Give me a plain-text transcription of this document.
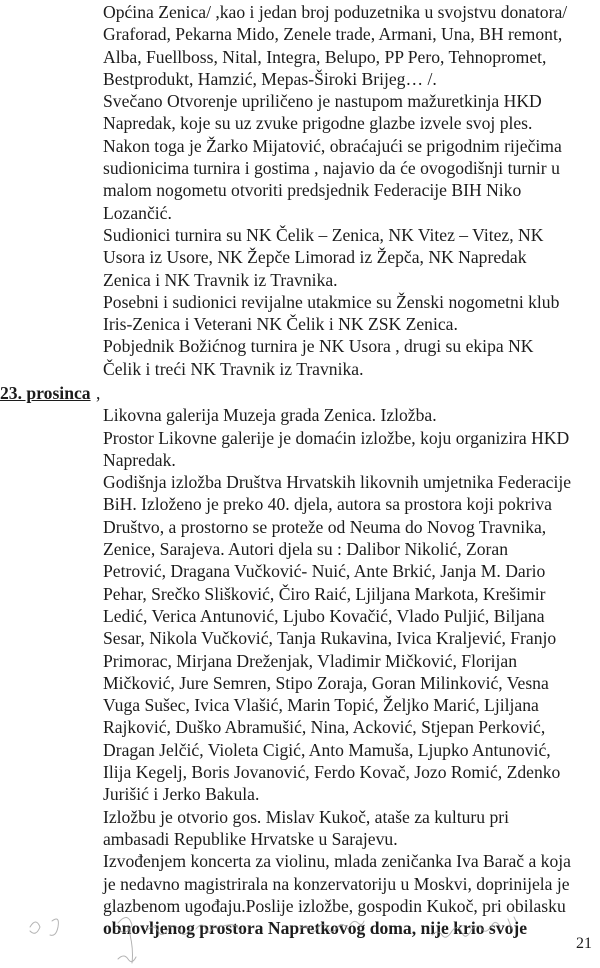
Općina Zenica/ ,kao i jedan broj poduzetnika u svojstvu donatora/
Graforad, Pekarna Mido, Zenele trade, Armani, Una, BH remont,
Alba, Fuellboss, Nital, Integra, Belupo, PP Pero, Tehnopromet,
Bestprodukt, Hamzić, Mepas-Široki Brijeg… /.
Svečano Otvorenje upriličeno je nastupom mažuretkinja HKD
Napredak, koje su uz zvuke prigodne glazbe izvele svoj ples.
Nakon toga je Žarko Mijatović, obraćajući se prigodnim riječima
sudionicima turnira i gostima , najavio da će ovogodišnji turnir u
malom nogometu otvoriti predsjednik Federacije BIH Niko
Lozančić.
Sudionici turnira su NK Čelik – Zenica, NK Vitez – Vitez, NK
Usora iz Usore, NK Žepče Limorad iz Žepča, NK Napredak
Zenica i NK Travnik iz Travnika.
Posebni i sudionici revijalne utakmice su Ženski nogometni klub
Iris-Zenica i Veterani NK Čelik i NK ZSK Zenica.
Pobjednik Božićnog turnira je NK Usora , drugi su ekipa NK
Čelik i treći NK Travnik iz Travnika.

23. prosinca ,

Likovna galerija Muzeja grada Zenica. Izložba.
Prostor Likovne galerije je domaćin izložbe, koju organizira HKD
Napredak.
Godišnja izložba Društva Hrvatskih likovnih umjetnika Federacije
BiH. Izloženo je preko 40. djela, autora sa prostora koji pokriva
Društvo, a prostorno se proteže od Neuma do Novog Travnika,
Zenice, Sarajeva. Autori djela su : Dalibor Nikolić, Zoran
Petrović, Dragana Vučković- Nuić, Ante Brkić, Janja M. Dario
Pehar, Srečko Slišković, Čiro Raić, Ljiljana Markota, Krešimir
Ledić, Verica Antunović, Ljubo Kovačić, Vlado Puljić, Biljana
Sesar, Nikola Vučković, Tanja Rukavina, Ivica Kraljević, Franjo
Primorac, Mirjana Dreženjak, Vladimir Mičković, Florijan
Mičković, Jure Semren, Stipo Zoraja, Goran Milinković, Vesna
Vuga Sušec, Ivica Vlašić, Marin Topić, Željko Marić, Ljiljana
Rajković, Duško Abramušić, Nina, Acković, Stjepan Perković,
Dragan Jelčić, Violeta Cigić, Anto Mamuša, Ljupko Antunović,
Ilija Kegelj, Boris Jovanović, Ferdo Kovač, Jozo Romić, Zdenko
Jurišić i Jerko Bakula.
Izložbu je otvorio gos. Mislav Kukoč, ataše za kulturu pri
ambasadi Republike Hrvatske u Sarajevu.
Izvođenjem koncerta za violinu, mlada zeničanka Iva Barač a koja
je nedavno magistrirala na konzervatoriju u Moskvi, doprinijela je
glazbenom ugođaju.Poslije izložbe, gospodin Kukoč, pri obilasku

obnovljenog prostora Napretkovog doma, nije krio svoje

21
